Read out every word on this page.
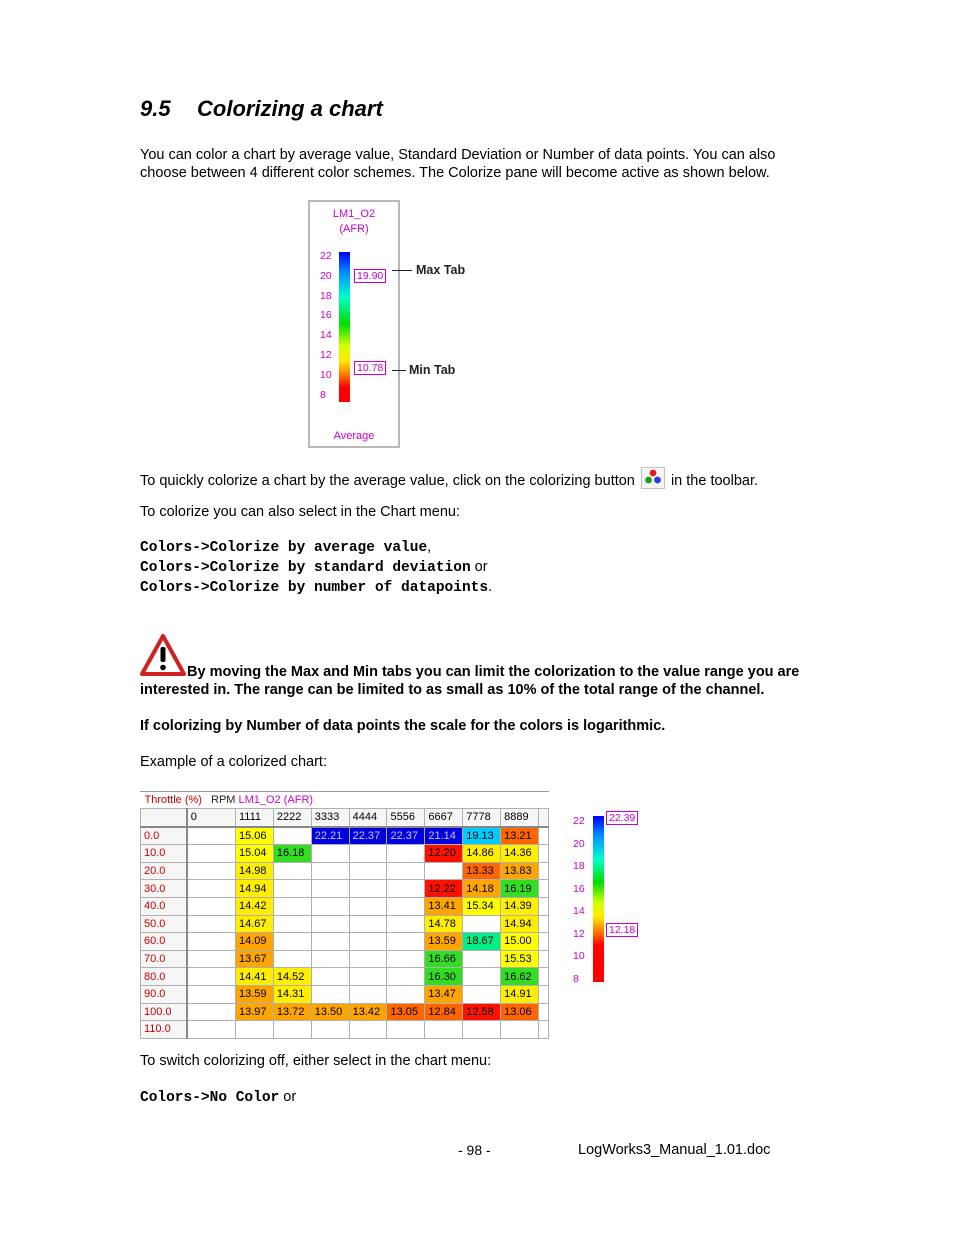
9.5 Colorizing a chart
You can color a chart by average value, Standard Deviation or Number of data points. You can also choose between 4 different color schemes. The Colorize pane will become active as shown below.
LM1_O2
(AFR)
22
20
18
16
14
12
10
8
19.90
10.78
Average
Max Tab
Min Tab
To quickly colorize a chart by the average value, click on the colorizing button in the toolbar.
To colorize you can also select in the Chart menu:
Colors->Colorize by average value,
Colors->Colorize by standard deviation or
Colors->Colorize by number of datapoints.
By moving the Max and Min tabs you can limit the colorization to the value range you are interested in. The range can be limited to as small as 10% of the total range of the channel.
If colorizing by Number of data points the scale for the colors is logarithmic.
Example of a colorized chart:
Throttle (%) RPM		LM1_O2 (AFR)								
	0	1111	2222	3333	4444	5556	6667	7778	8889	
0.0		15.06		22.21	22.37	22.37	21.14	19.13	13.21	
10.0		15.04	16.18				12.20	14.86	14.36	
20.0		14.98						13.33	13.83	
30.0		14.94					12.22	14.18	16.19	
40.0		14.42					13.41	15.34	14.39	
50.0		14.67					14.78		14.94	
60.0		14.09					13.59	18.67	15.00	
70.0		13.67					16.66		15.53	
80.0		14.41	14.52				16.30		16.62	
90.0		13.59	14.31				13.47		14.91	
100.0		13.97	13.72	13.50	13.42	13.05	12.84	12.58	13.06	
110.0										
22
20
18
16
14
12
10
8
22.39
12.18
To switch colorizing off, either select in the chart menu:
Colors->No Color or
- 98 -	LogWorks3_Manual_1.01.doc
